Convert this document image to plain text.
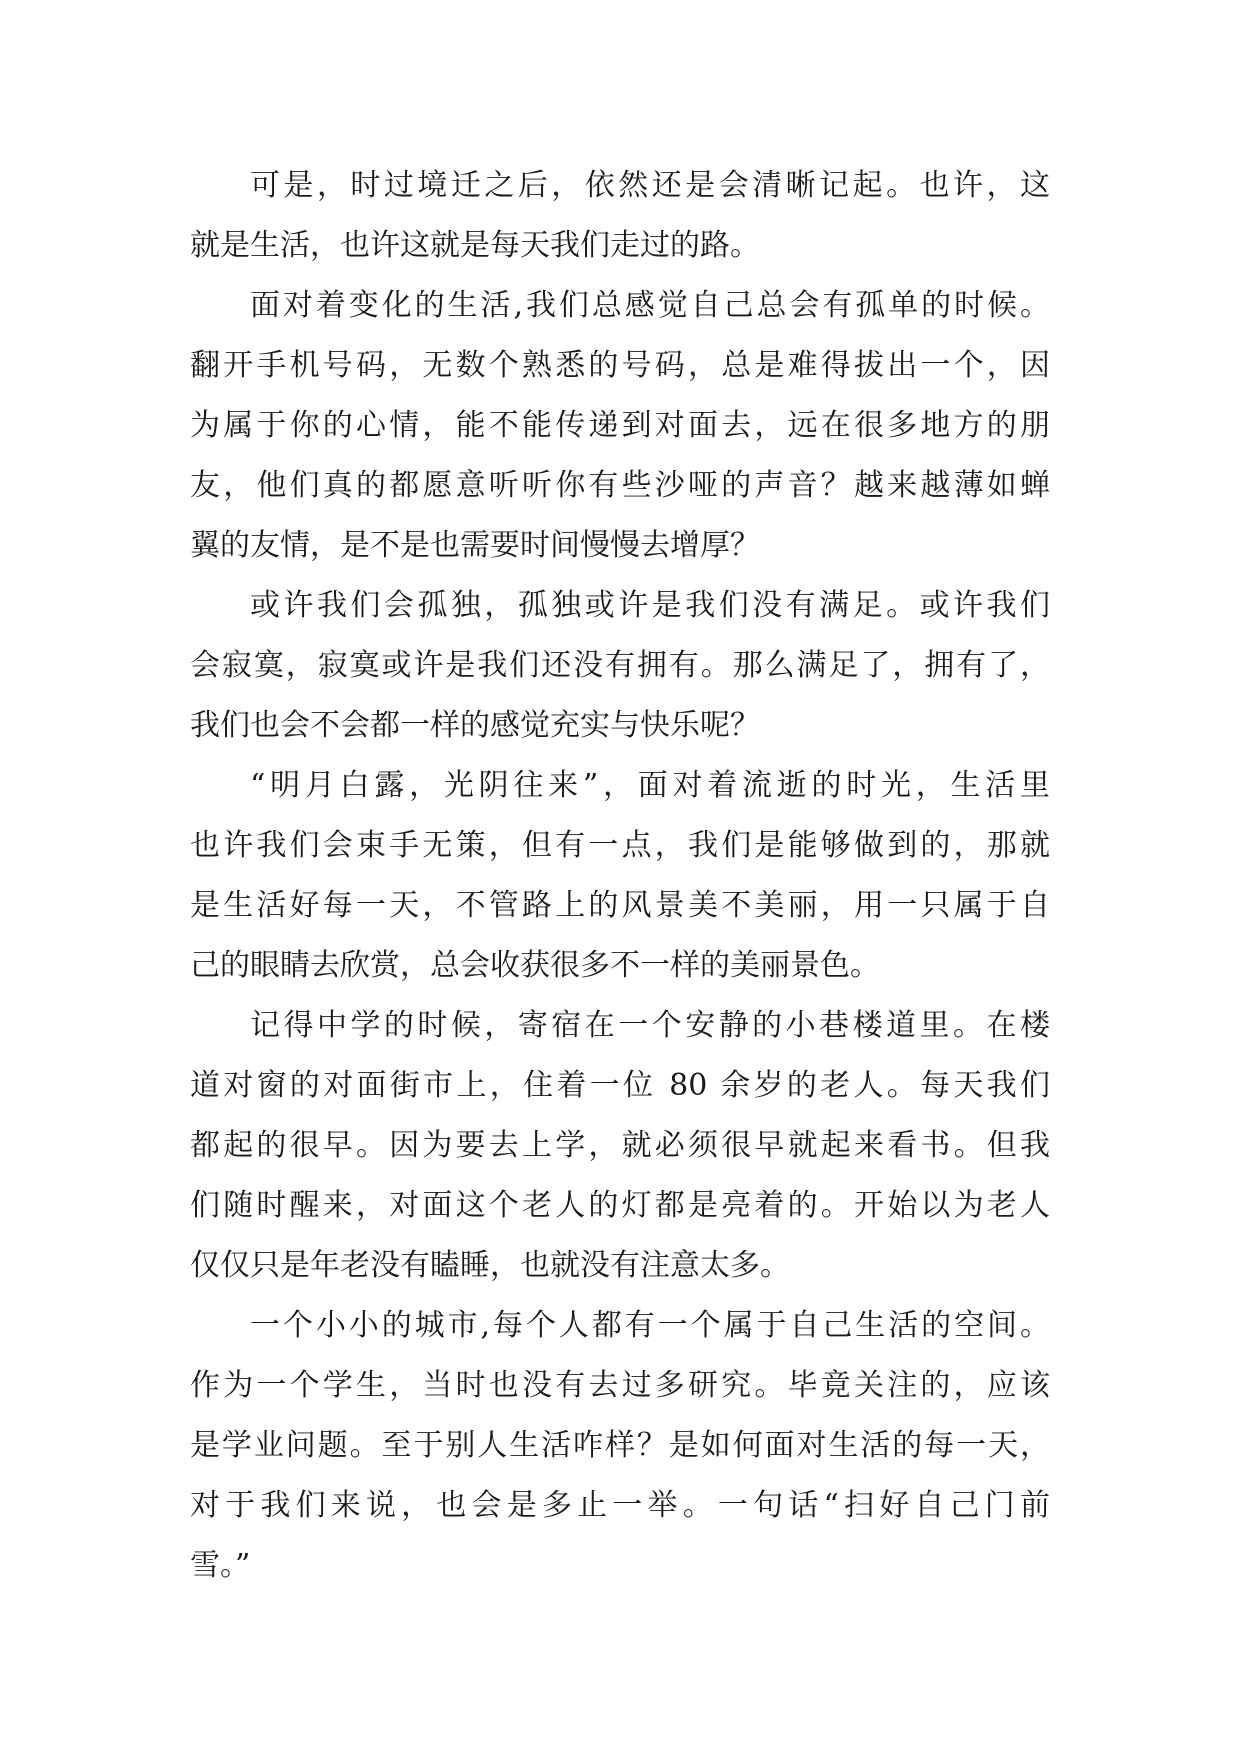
可是，时过境迁之后，依然还是会清晰记起。也许，这
就是生活，也许这就是每天我们走过的路。
面对着变化的生活,我们总感觉自己总会有孤单的时候。
翻开手机号码，无数个熟悉的号码，总是难得拔出一个，因
为属于你的心情，能不能传递到对面去，远在很多地方的朋
友，他们真的都愿意听听你有些沙哑的声音？越来越薄如蝉
翼的友情，是不是也需要时间慢慢去增厚？
或许我们会孤独，孤独或许是我们没有满足。或许我们
会寂寞，寂寞或许是我们还没有拥有。那么满足了，拥有了，
我们也会不会都一样的感觉充实与快乐呢？
“明月白露，光阴往来”，面对着流逝的时光，生活里
也许我们会束手无策，但有一点，我们是能够做到的，那就
是生活好每一天，不管路上的风景美不美丽，用一只属于自
己的眼睛去欣赏，总会收获很多不一样的美丽景色。
记得中学的时候，寄宿在一个安静的小巷楼道里。在楼
道对窗的对面街市上，住着一位 80 余岁的老人。每天我们
都起的很早。因为要去上学，就必须很早就起来看书。但我
们随时醒来，对面这个老人的灯都是亮着的。开始以为老人
仅仅只是年老没有瞌睡，也就没有注意太多。
一个小小的城市,每个人都有一个属于自己生活的空间。
作为一个学生，当时也没有去过多研究。毕竟关注的，应该
是学业问题。至于别人生活咋样？是如何面对生活的每一天，
对于我们来说，也会是多止一举。一句话“扫好自己门前
雪。”
